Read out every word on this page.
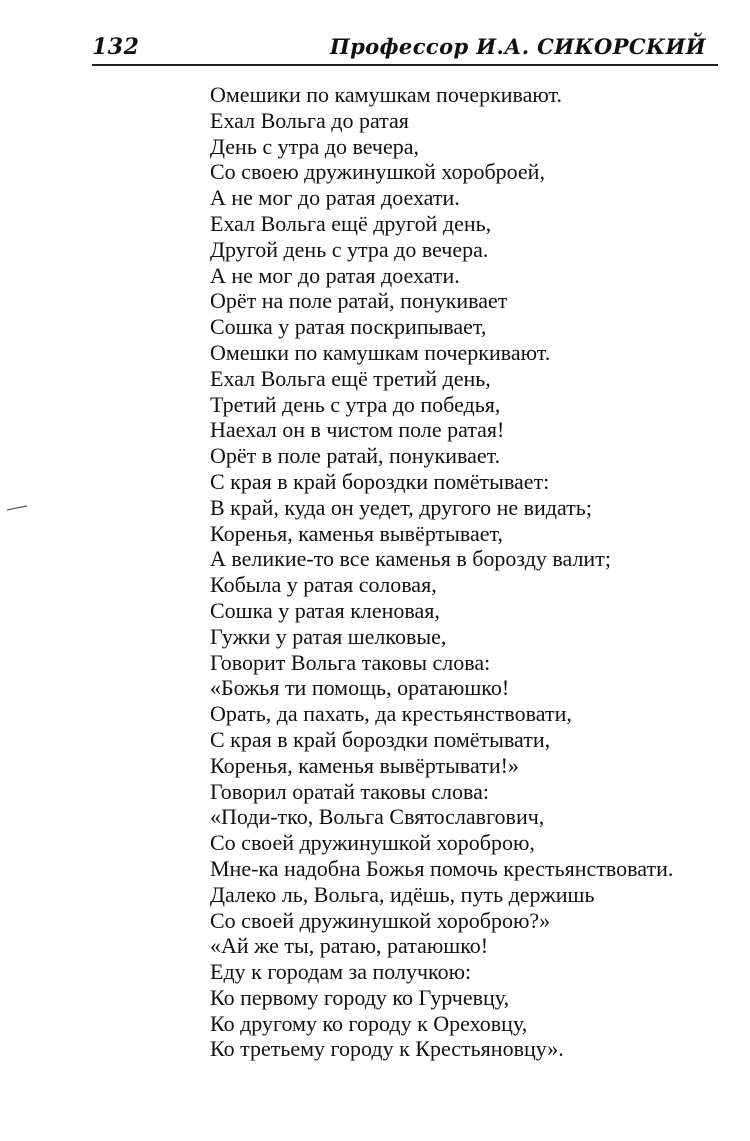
132	Профессор И.А. СИКОРСКИЙ
Омешики по камушкам почеркивают.
Ехал Вольга до ратая
День с утра до вечера,
Со своею дружинушкой хороброей,
А не мог до ратая доехати.
Ехал Вольга ещё другой день,
Другой день с утра до вечера.
А не мог до ратая доехати.
Орёт на поле ратай, понукивает
Сошка у ратая поскрипывает,
Омешки по камушкам почеркивают.
Ехал Вольга ещё третий день,
Третий день с утра до победья,
Наехал он в чистом поле ратая!
Орёт в поле ратай, понукивает.
С края в край бороздки помётывает:
В край, куда он уедет, другого не видать;
Коренья, каменья вывёртывает,
А великие-то все каменья в борозду валит;
Кобыла у ратая соловая,
Сошка у ратая кленовая,
Гужки у ратая шелковые,
Говорит Вольга таковы слова:
«Божья ти помощь, оратаюшко!
Орать, да пахать, да крестьянствовати,
С края в край бороздки помётывати,
Коренья, каменья вывёртывати!»
Говорил оратай таковы слова:
«Поди-тко, Вольга Святославгович,
Со своей дружинушкой хороброю,
Мне-ка надобна Божья помочь крестьянствовати.
Далеко ль, Вольга, идёшь, путь держишь
Со своей дружинушкой хороброю?»
«Ай же ты, ратаю, ратаюшко!
Еду к городам за получкою:
Ко первому городу ко Гурчевцу,
Ко другому ко городу к Ореховцу,
Ко третьему городу к Крестьяновцу».
